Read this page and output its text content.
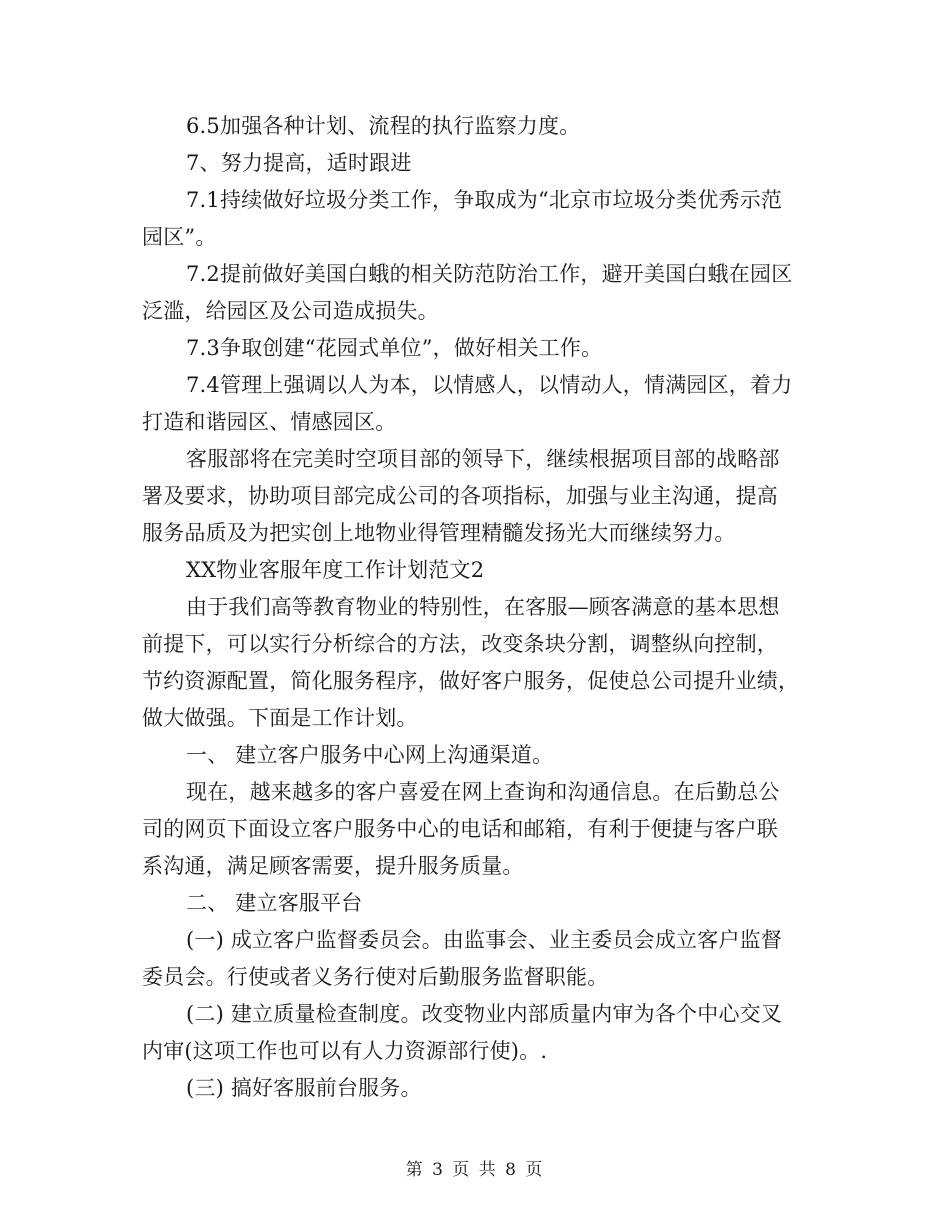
6.5加强各种计划、流程的执行监察力度。
7、努力提高，适时跟进
7.1持续做好垃圾分类工作，争取成为“北京市垃圾分类优秀示范
园区”。
7.2提前做好美国白蛾的相关防范防治工作，避开美国白蛾在园区
泛滥，给园区及公司造成损失。
7.3争取创建“花园式单位”，做好相关工作。
7.4管理上强调以人为本，以情感人，以情动人，情满园区，着力
打造和谐园区、情感园区。
客服部将在完美时空项目部的领导下，继续根据项目部的战略部
署及要求，协助项目部完成公司的各项指标，加强与业主沟通，提高
服务品质及为把实创上地物业得管理精髓发扬光大而继续努力。
XX物业客服年度工作计划范文2
由于我们高等教育物业的特别性，在客服—顾客满意的基本思想
前提下，可以实行分析综合的方法，改变条块分割，调整纵向控制，
节约资源配置，简化服务程序，做好客户服务，促使总公司提升业绩，
做大做强。下面是工作计划。
一、 建立客户服务中心网上沟通渠道。
现在，越来越多的客户喜爱在网上查询和沟通信息。在后勤总公
司的网页下面设立客户服务中心的电话和邮箱，有利于便捷与客户联
系沟通，满足顾客需要，提升服务质量。
二、 建立客服平台
(一) 成立客户监督委员会。由监事会、业主委员会成立客户监督
委员会。行使或者义务行使对后勤服务监督职能。
(二) 建立质量检查制度。改变物业内部质量内审为各个中心交叉
内审(这项工作也可以有人力资源部行使)。.
(三) 搞好客服前台服务。
第 3 页 共 8 页
